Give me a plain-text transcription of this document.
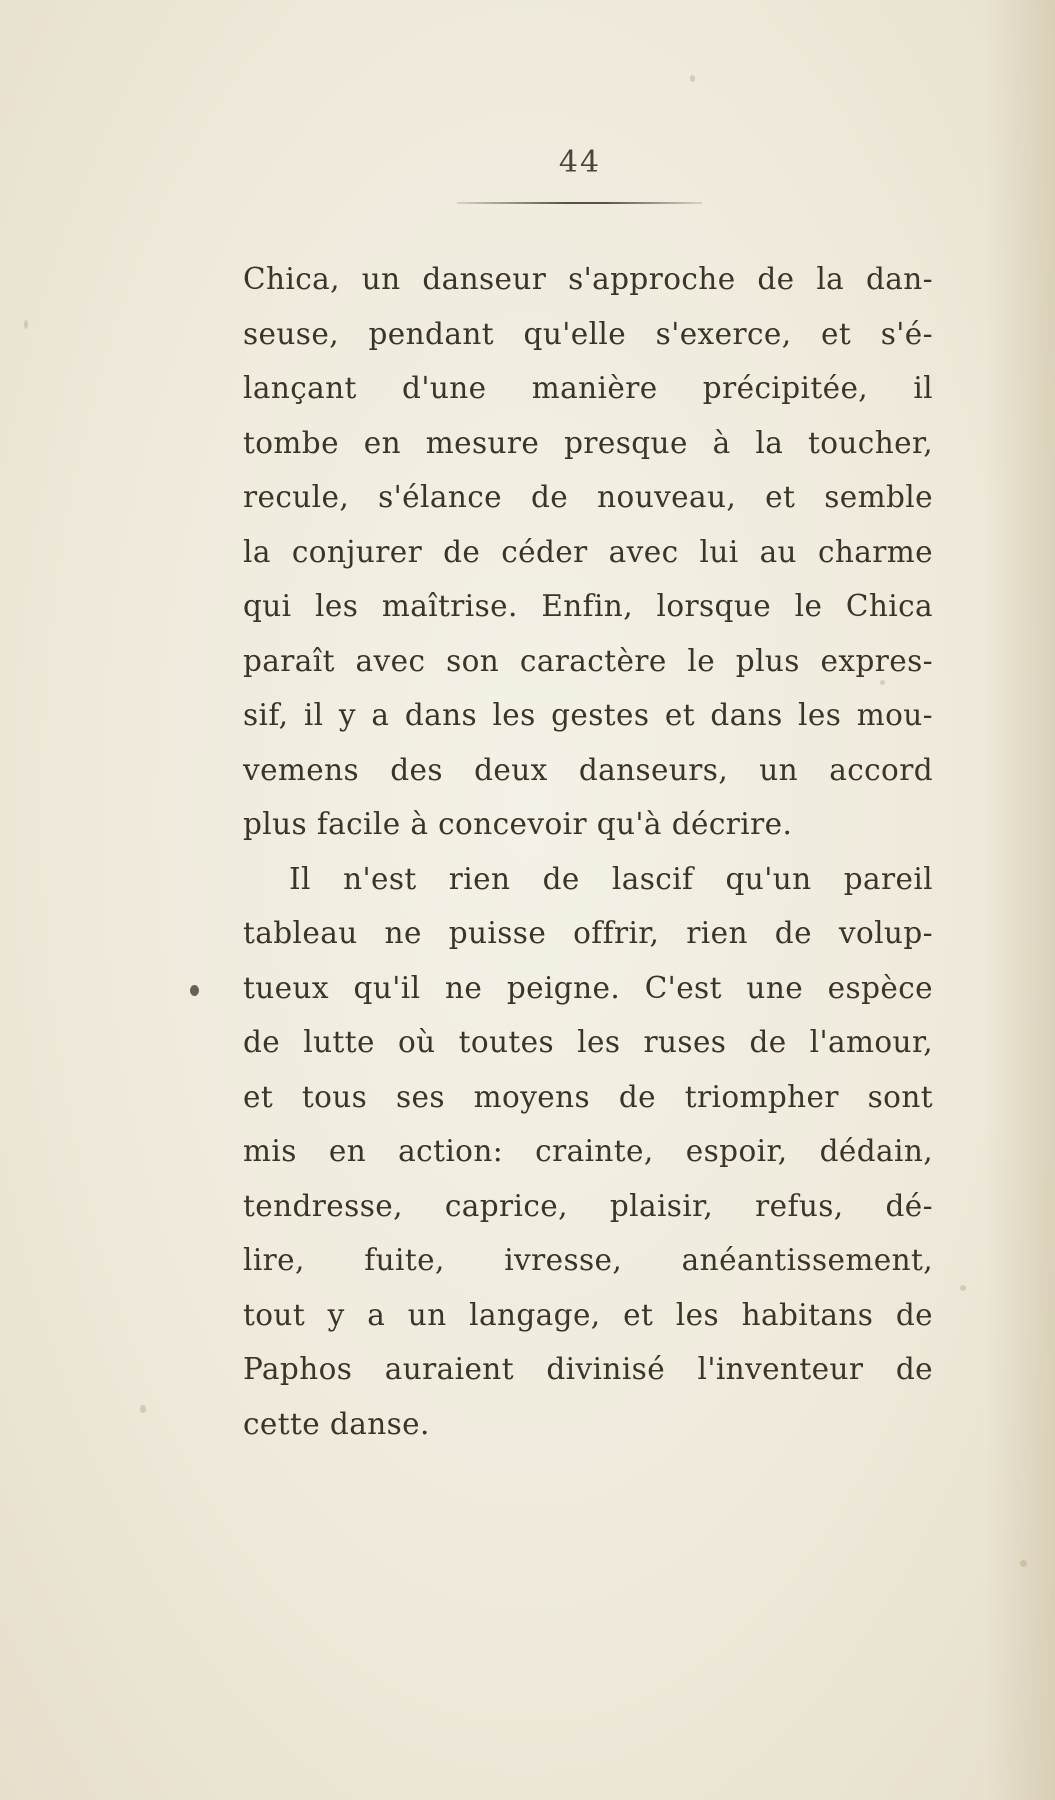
44
Chica, un danseur s'approche de la dan-
seuse, pendant qu'elle s'exerce, et s'é-
lançant d'une manière précipitée, il
tombe en mesure presque à la toucher,
recule, s'élance de nouveau, et semble
la conjurer de céder avec lui au charme
qui les maîtrise. Enfin, lorsque le Chica
paraît avec son caractère le plus expres-
sif, il y a dans les gestes et dans les mou-
vemens des deux danseurs, un accord
plus facile à concevoir qu'à décrire.
Il n'est rien de lascif qu'un pareil
tableau ne puisse offrir, rien de volup-
tueux qu'il ne peigne. C'est une espèce
de lutte où toutes les ruses de l'amour,
et tous ses moyens de triompher sont
mis en action: crainte, espoir, dédain,
tendresse, caprice, plaisir, refus, dé-
lire, fuite, ivresse, anéantissement,
tout y a un langage, et les habitans de
Paphos auraient divinisé l'inventeur de
cette danse.
